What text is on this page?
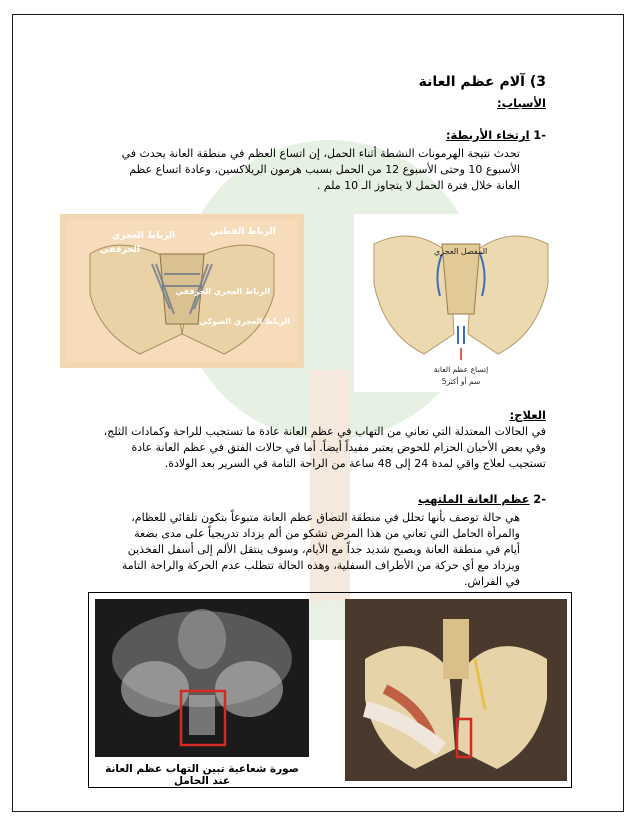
3) آلام عظم العانة
الأسباب:
-1 ارتخاء الأربطة:
تحدث نتيجة الهرمونات النشطة أثناء الحمل، إن اتساع العظم في منطقة العانة يحدث في
الأسبوع 10 وحتى الأسبوع 12 من الحمل بسبب هرمون الريلاكسين، وعادة اتساع عظم
العانة خلال فترة الحمل لا يتجاوز الـ 10 ملم .
الرباط العجزي
الحرقفي
الرباط القطني
الرباط العجزي الحرقفي
الرباط العجزي الشوكي
المفصل العجزي
إتساع عظم العانة
5سم أو أكثر
العلاج:
في الحالات المعتدلة التي تعاني من التهاب في عظم العانة عادة ما تستجيب للراحة وكمادات الثلج،
وفي بعض الأحيان الحزام للحوض يعتبر مفيداً أيضاً. أما في حالات الفتق في عظم العانة عادة
تستجيب لعلاج واقي لمدة 24 إلى 48 ساعة من الراحة التامة في السرير بعد الولادة.
-2 عظم العانة الملتهب
هي حالة توصف بأنها تحلل في منطقة التصاق عظم العانة متبوعاً بتكون تلقائي للعظام،
والمرأة الحامل التي تعاني من هذا المرض تشكو من ألم يزداد تدريجياً على مدى بضعة
أيام في منطقة العانة ويصبح شديد جداً مع الأيام، وسوف ينتقل الألم إلى أسفل الفخذين
ويزداد مع أي حركة من الأطراف السفلية، وهذه الحالة تتطلب عدم الحركة والراحة التامة
في الفراش.
صورة شعاعية تبين التهاب عظم العانة عند الحامل
